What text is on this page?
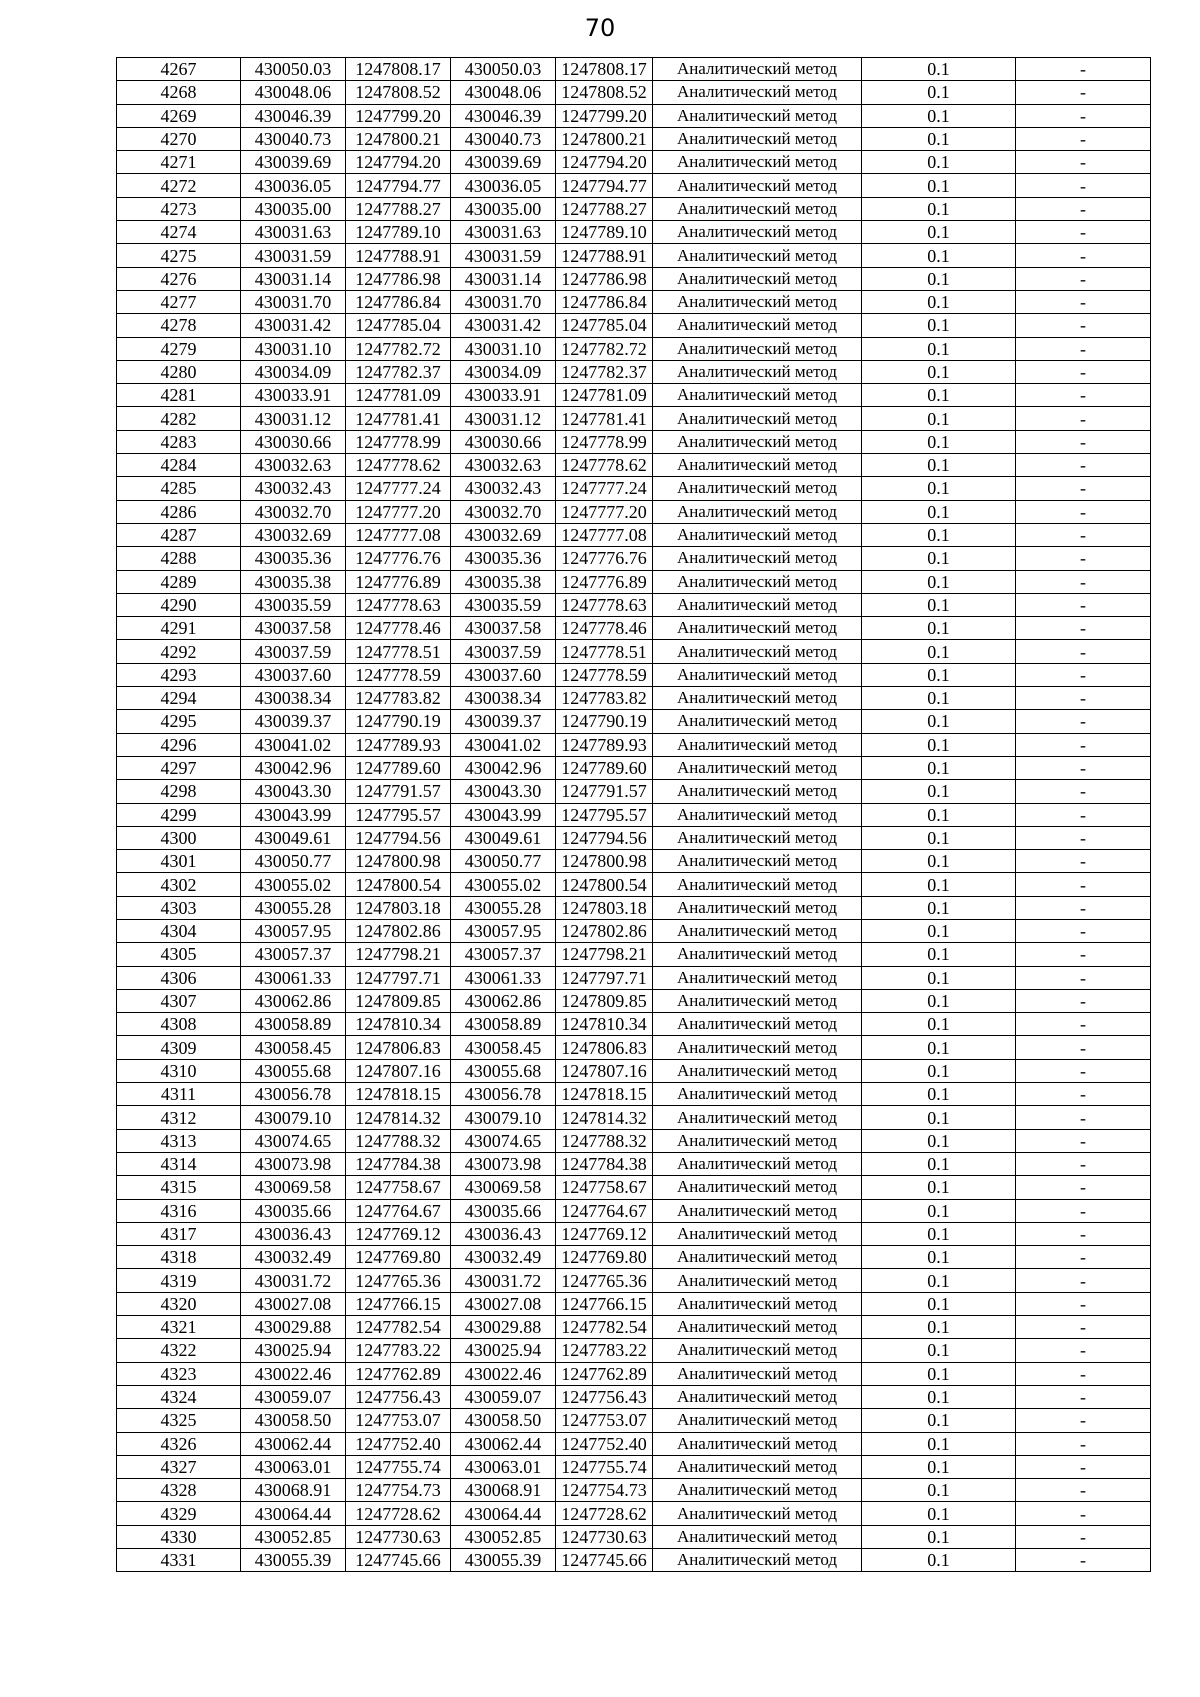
70
4267	430050.03	1247808.17	430050.03	1247808.17	Аналитический метод	0.1	-
4268	430048.06	1247808.52	430048.06	1247808.52	Аналитический метод	0.1	-
4269	430046.39	1247799.20	430046.39	1247799.20	Аналитический метод	0.1	-
4270	430040.73	1247800.21	430040.73	1247800.21	Аналитический метод	0.1	-
4271	430039.69	1247794.20	430039.69	1247794.20	Аналитический метод	0.1	-
4272	430036.05	1247794.77	430036.05	1247794.77	Аналитический метод	0.1	-
4273	430035.00	1247788.27	430035.00	1247788.27	Аналитический метод	0.1	-
4274	430031.63	1247789.10	430031.63	1247789.10	Аналитический метод	0.1	-
4275	430031.59	1247788.91	430031.59	1247788.91	Аналитический метод	0.1	-
4276	430031.14	1247786.98	430031.14	1247786.98	Аналитический метод	0.1	-
4277	430031.70	1247786.84	430031.70	1247786.84	Аналитический метод	0.1	-
4278	430031.42	1247785.04	430031.42	1247785.04	Аналитический метод	0.1	-
4279	430031.10	1247782.72	430031.10	1247782.72	Аналитический метод	0.1	-
4280	430034.09	1247782.37	430034.09	1247782.37	Аналитический метод	0.1	-
4281	430033.91	1247781.09	430033.91	1247781.09	Аналитический метод	0.1	-
4282	430031.12	1247781.41	430031.12	1247781.41	Аналитический метод	0.1	-
4283	430030.66	1247778.99	430030.66	1247778.99	Аналитический метод	0.1	-
4284	430032.63	1247778.62	430032.63	1247778.62	Аналитический метод	0.1	-
4285	430032.43	1247777.24	430032.43	1247777.24	Аналитический метод	0.1	-
4286	430032.70	1247777.20	430032.70	1247777.20	Аналитический метод	0.1	-
4287	430032.69	1247777.08	430032.69	1247777.08	Аналитический метод	0.1	-
4288	430035.36	1247776.76	430035.36	1247776.76	Аналитический метод	0.1	-
4289	430035.38	1247776.89	430035.38	1247776.89	Аналитический метод	0.1	-
4290	430035.59	1247778.63	430035.59	1247778.63	Аналитический метод	0.1	-
4291	430037.58	1247778.46	430037.58	1247778.46	Аналитический метод	0.1	-
4292	430037.59	1247778.51	430037.59	1247778.51	Аналитический метод	0.1	-
4293	430037.60	1247778.59	430037.60	1247778.59	Аналитический метод	0.1	-
4294	430038.34	1247783.82	430038.34	1247783.82	Аналитический метод	0.1	-
4295	430039.37	1247790.19	430039.37	1247790.19	Аналитический метод	0.1	-
4296	430041.02	1247789.93	430041.02	1247789.93	Аналитический метод	0.1	-
4297	430042.96	1247789.60	430042.96	1247789.60	Аналитический метод	0.1	-
4298	430043.30	1247791.57	430043.30	1247791.57	Аналитический метод	0.1	-
4299	430043.99	1247795.57	430043.99	1247795.57	Аналитический метод	0.1	-
4300	430049.61	1247794.56	430049.61	1247794.56	Аналитический метод	0.1	-
4301	430050.77	1247800.98	430050.77	1247800.98	Аналитический метод	0.1	-
4302	430055.02	1247800.54	430055.02	1247800.54	Аналитический метод	0.1	-
4303	430055.28	1247803.18	430055.28	1247803.18	Аналитический метод	0.1	-
4304	430057.95	1247802.86	430057.95	1247802.86	Аналитический метод	0.1	-
4305	430057.37	1247798.21	430057.37	1247798.21	Аналитический метод	0.1	-
4306	430061.33	1247797.71	430061.33	1247797.71	Аналитический метод	0.1	-
4307	430062.86	1247809.85	430062.86	1247809.85	Аналитический метод	0.1	-
4308	430058.89	1247810.34	430058.89	1247810.34	Аналитический метод	0.1	-
4309	430058.45	1247806.83	430058.45	1247806.83	Аналитический метод	0.1	-
4310	430055.68	1247807.16	430055.68	1247807.16	Аналитический метод	0.1	-
4311	430056.78	1247818.15	430056.78	1247818.15	Аналитический метод	0.1	-
4312	430079.10	1247814.32	430079.10	1247814.32	Аналитический метод	0.1	-
4313	430074.65	1247788.32	430074.65	1247788.32	Аналитический метод	0.1	-
4314	430073.98	1247784.38	430073.98	1247784.38	Аналитический метод	0.1	-
4315	430069.58	1247758.67	430069.58	1247758.67	Аналитический метод	0.1	-
4316	430035.66	1247764.67	430035.66	1247764.67	Аналитический метод	0.1	-
4317	430036.43	1247769.12	430036.43	1247769.12	Аналитический метод	0.1	-
4318	430032.49	1247769.80	430032.49	1247769.80	Аналитический метод	0.1	-
4319	430031.72	1247765.36	430031.72	1247765.36	Аналитический метод	0.1	-
4320	430027.08	1247766.15	430027.08	1247766.15	Аналитический метод	0.1	-
4321	430029.88	1247782.54	430029.88	1247782.54	Аналитический метод	0.1	-
4322	430025.94	1247783.22	430025.94	1247783.22	Аналитический метод	0.1	-
4323	430022.46	1247762.89	430022.46	1247762.89	Аналитический метод	0.1	-
4324	430059.07	1247756.43	430059.07	1247756.43	Аналитический метод	0.1	-
4325	430058.50	1247753.07	430058.50	1247753.07	Аналитический метод	0.1	-
4326	430062.44	1247752.40	430062.44	1247752.40	Аналитический метод	0.1	-
4327	430063.01	1247755.74	430063.01	1247755.74	Аналитический метод	0.1	-
4328	430068.91	1247754.73	430068.91	1247754.73	Аналитический метод	0.1	-
4329	430064.44	1247728.62	430064.44	1247728.62	Аналитический метод	0.1	-
4330	430052.85	1247730.63	430052.85	1247730.63	Аналитический метод	0.1	-
4331	430055.39	1247745.66	430055.39	1247745.66	Аналитический метод	0.1	-
